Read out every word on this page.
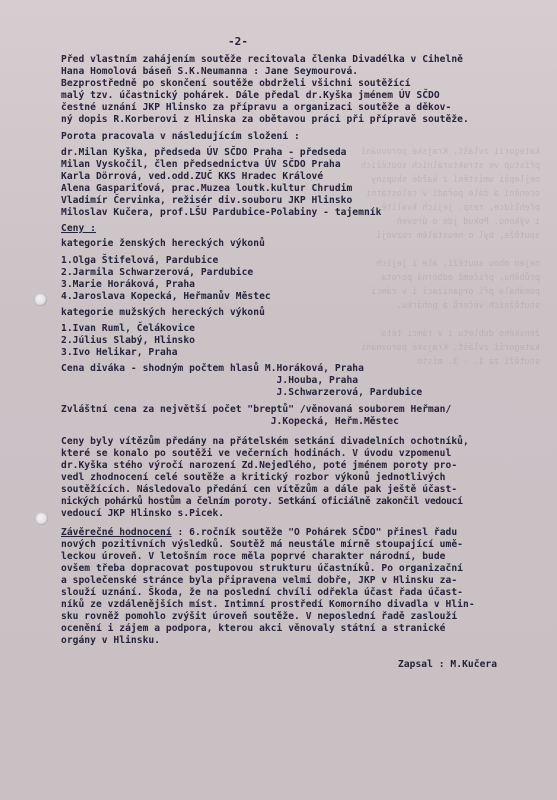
kategorii zvlášť. Krajské porovnání
přístup ve strukturálních soutěžích
nejlepší umístění z každé skupiny
ocenění a dále pořadí v celostátní
přehlídce, resp. jejich kvalitě
i výkonu. Pokud jde o úroveň
soutěže, byl o neustálém rozvoji

nejen obou soutěží, ale i jejich
průběhu, přičemž odborná porota
pomáhala při organizaci i v rámci
soutěžních večerů a pohárku.

ženského dubletu i v rámci této
kategorii zvlášť. Krajské porovnání
soutěží za 1. - 3. místo
-2-
Před vlastním zahájením soutěže recitovala členka Divadélka v Cihelně
Hana Homolová báseň S.K.Neumanna : Jane Seymourová.
Bezprostředně po skončení soutěže obdrželi všichni soutěžící
malý tzv. účastnický pohárek. Dále předal dr.Kyška jménem ÚV SČDO
čestné uznání JKP Hlinsko za přípravu a organizaci soutěže a děkov-
ný dopis R.Korberovi z Hlinska za obětavou práci při přípravě soutěže.
Porota pracovala v následujícím složení :
dr.Milan Kyška, předseda ÚV SČDO Praha - předseda
Milan Vyskočil, člen předsednictva ÚV SČDO Praha
Karla Dörrová, ved.odd.ZUČ KKS Hradec Králové
Alena Gaspariťová, prac.Muzea loutk.kultur Chrudim
Vladimír Červinka, režisér div.souboru JKP Hlinsko
Miloslav Kučera, prof.LŠU Pardubice-Polabiny - tajemník
Ceny :
kategorie ženských hereckých výkonů
1.Olga Štifelová, Pardubice
2.Jarmila Schwarzerová, Pardubice
3.Marie Horáková, Praha
4.Jaroslava Kopecká, Heřmanův Městec
kategorie mužských hereckých výkonů
1.Ivan Ruml, Čelákovice
2.Július Slabý, Hlinsko
3.Ivo Helikar, Praha
Cena diváka - shodným počtem hlasů M.Horáková, Praha
J.Houba, Praha
J.Schwarzerová, Pardubice
Zvláštní cena za největší počet "breptů" /věnovaná souborem Heřman/
J.Kopecká, Heřm.Městec
Ceny byly vítězům předány na přátelském setkání divadelních ochotníků,
které se konalo po soutěži ve večerních hodinách. V úvodu vzpomenul
dr.Kyška stého výročí narození Zd.Nejedlého, poté jménem poroty pro-
vedl zhodnocení celé soutěže a kritický rozbor výkonů jednotlivých
soutěžících. Následovalo předání cen vítězům a dále pak ještě účast-
nických pohárků hostům a čelním poroty. Setkání oficiálně zakončil vedoucí
vedoucí JKP Hlinsko s.Picek.
Závěrečné hodnocení : 6.ročník soutěže "O Pohárek SČDO" přinesl řadu
nových pozitivních výsledků. Soutěž má neustále mírně stoupající umě-
leckou úroveň. V letošním roce měla poprvé charakter národní, bude
ovšem třeba dopracovat postupovou strukturu účastníků. Po organizační
a společenské stránce byla připravena velmi dobře, JKP v Hlinsku za-
slouží uznání. Škoda, že na poslední chvíli odřekla účast řada účast-
níků ze vzdálenějších míst. Intimní prostředí Komorního divadla v Hlin-
sku rovněž pomohlo zvýšit úroveň soutěže. V neposlední řadě zaslouží
ocenění i zájem a podpora, kterou akci věnovaly státní a stranické
orgány v Hlinsku.
Zapsal : M.Kučera
